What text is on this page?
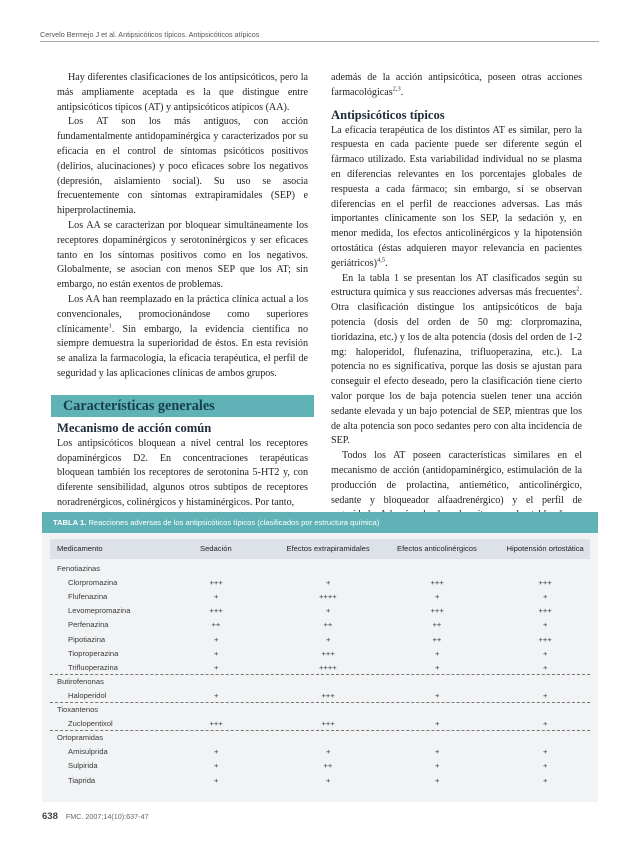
Cervelo Bermejo J et al. Antipsicóticos típicos. Antipsicóticos atípicos

Hay diferentes clasificaciones de los antipsicóticos, pero la más ampliamente aceptada es la que distingue entre antipsicóticos típicos (AT) y antipsicóticos atípicos (AA).

Los AT son los más antiguos, con acción fundamentalmente antidopaminérgica y caracterizados por su eficacia en el control de síntomas psicóticos positivos (delirios, alucinaciones) y poco eficaces sobre los negativos (depresión, aislamiento social). Su uso se asocia frecuentemente con síntomas extrapiramidales (SEP) e hiperprolactinemia.

Los AA se caracterizan por bloquear simultáneamente los receptores dopaminérgicos y serotoninérgicos y ser eficaces tanto en los síntomas positivos como en los negativos. Globalmente, se asocian con menos SEP que los AT; sin embargo, no están exentos de problemas.

Los AA han reemplazado en la práctica clínica actual a los convencionales, promocionándose como superiores clínicamente$^1$. Sin embargo, la evidencia científica no siempre demuestra la superioridad de éstos. En esta revisión se analiza la farmacología, la eficacia terapéutica, el perfil de seguridad y las aplicaciones clínicas de ambos grupos.

Características generales
Mecanismo de acción común

Los antipsicóticos bloquean a nivel central los receptores dopaminérgicos D2. En concentraciones terapéuticas bloquean también los receptores de serotonina 5-HT2 y, con diferente sensibilidad, algunos otros subtipos de receptores noradrenérgicos, colinérgicos y histaminérgicos. Por tanto,

además de la acción antipsicótica, poseen otras acciones farmacológicas$^{2,3}$.

Antipsicóticos típicos

La eficacia terapéutica de los distintos AT es similar, pero la respuesta en cada paciente puede ser diferente según el fármaco utilizado. Esta variabilidad individual no se plasma en diferencias relevantes en los porcentajes globales de respuesta a cada fármaco; sin embargo, sí se observan diferencias en el perfil de reacciones adversas. Las más importantes clínicamente son los SEP, la sedación y, en menor medida, los efectos anticolinérgicos y la hipotensión ortostática (éstas adquieren mayor relevancia en pacientes geriátricos)$^{4,5}$.

En la tabla 1 se presentan los AT clasificados según su estructura química y sus reacciones adversas más frecuentes$^2$. Otra clasificación distingue los antipsicóticos de baja potencia (dosis del orden de 50 mg: clorpromazina, tioridazina, etc.) y los de alta potencia (dosis del orden de 1-2 mg: haloperidol, flufenazina, trifluoperazina, etc.). La potencia no es significativa, porque las dosis se ajustan para conseguir el efecto deseado, pero la clasificación tiene cierto valor porque los de baja potencia suelen tener una acción sedante elevada y un bajo potencial de SEP, mientras que los de alta potencia son poco sedantes pero con alta incidencia de SEP.

Todos los AT poseen características similares en el mecanismo de acción (antidopaminérgico, estimulación de la producción de prolactina, antiemético, anticolinérgico, sedante y bloqueador alfaadrenérgico) y el perfil de

TABLA 1. Reacciones adversas de los antipsicóticos típicos (clasificados por estructura química)
Medicamento	Sedación	Efectos extrapiramidales	Efectos anticolinérgicos	Hipotensión ortostática
Fenotiazinas
Clorpromazina	+++	+	+++	+++
Flufenazina	+	++++	+	+
Levomepromazina	+++	+	+++	+++
Perfenazina	++	++	++	+
Pipotiazina	+	+	++	+++
Tioproperazina	+	+++	+	+
Trifluoperazina	+	++++	+	+
Butirofenonas
Haloperidol	+	+++	+	+
Tioxantenos
Zuclopentixol	+++	+++	+	+
Ortopramidas
Amisulprida	+	+	+	+
Sulpirida	+	++	+	+
Tiaprida	+	+	+	+
638 FMC. 2007;14(10):637-47
